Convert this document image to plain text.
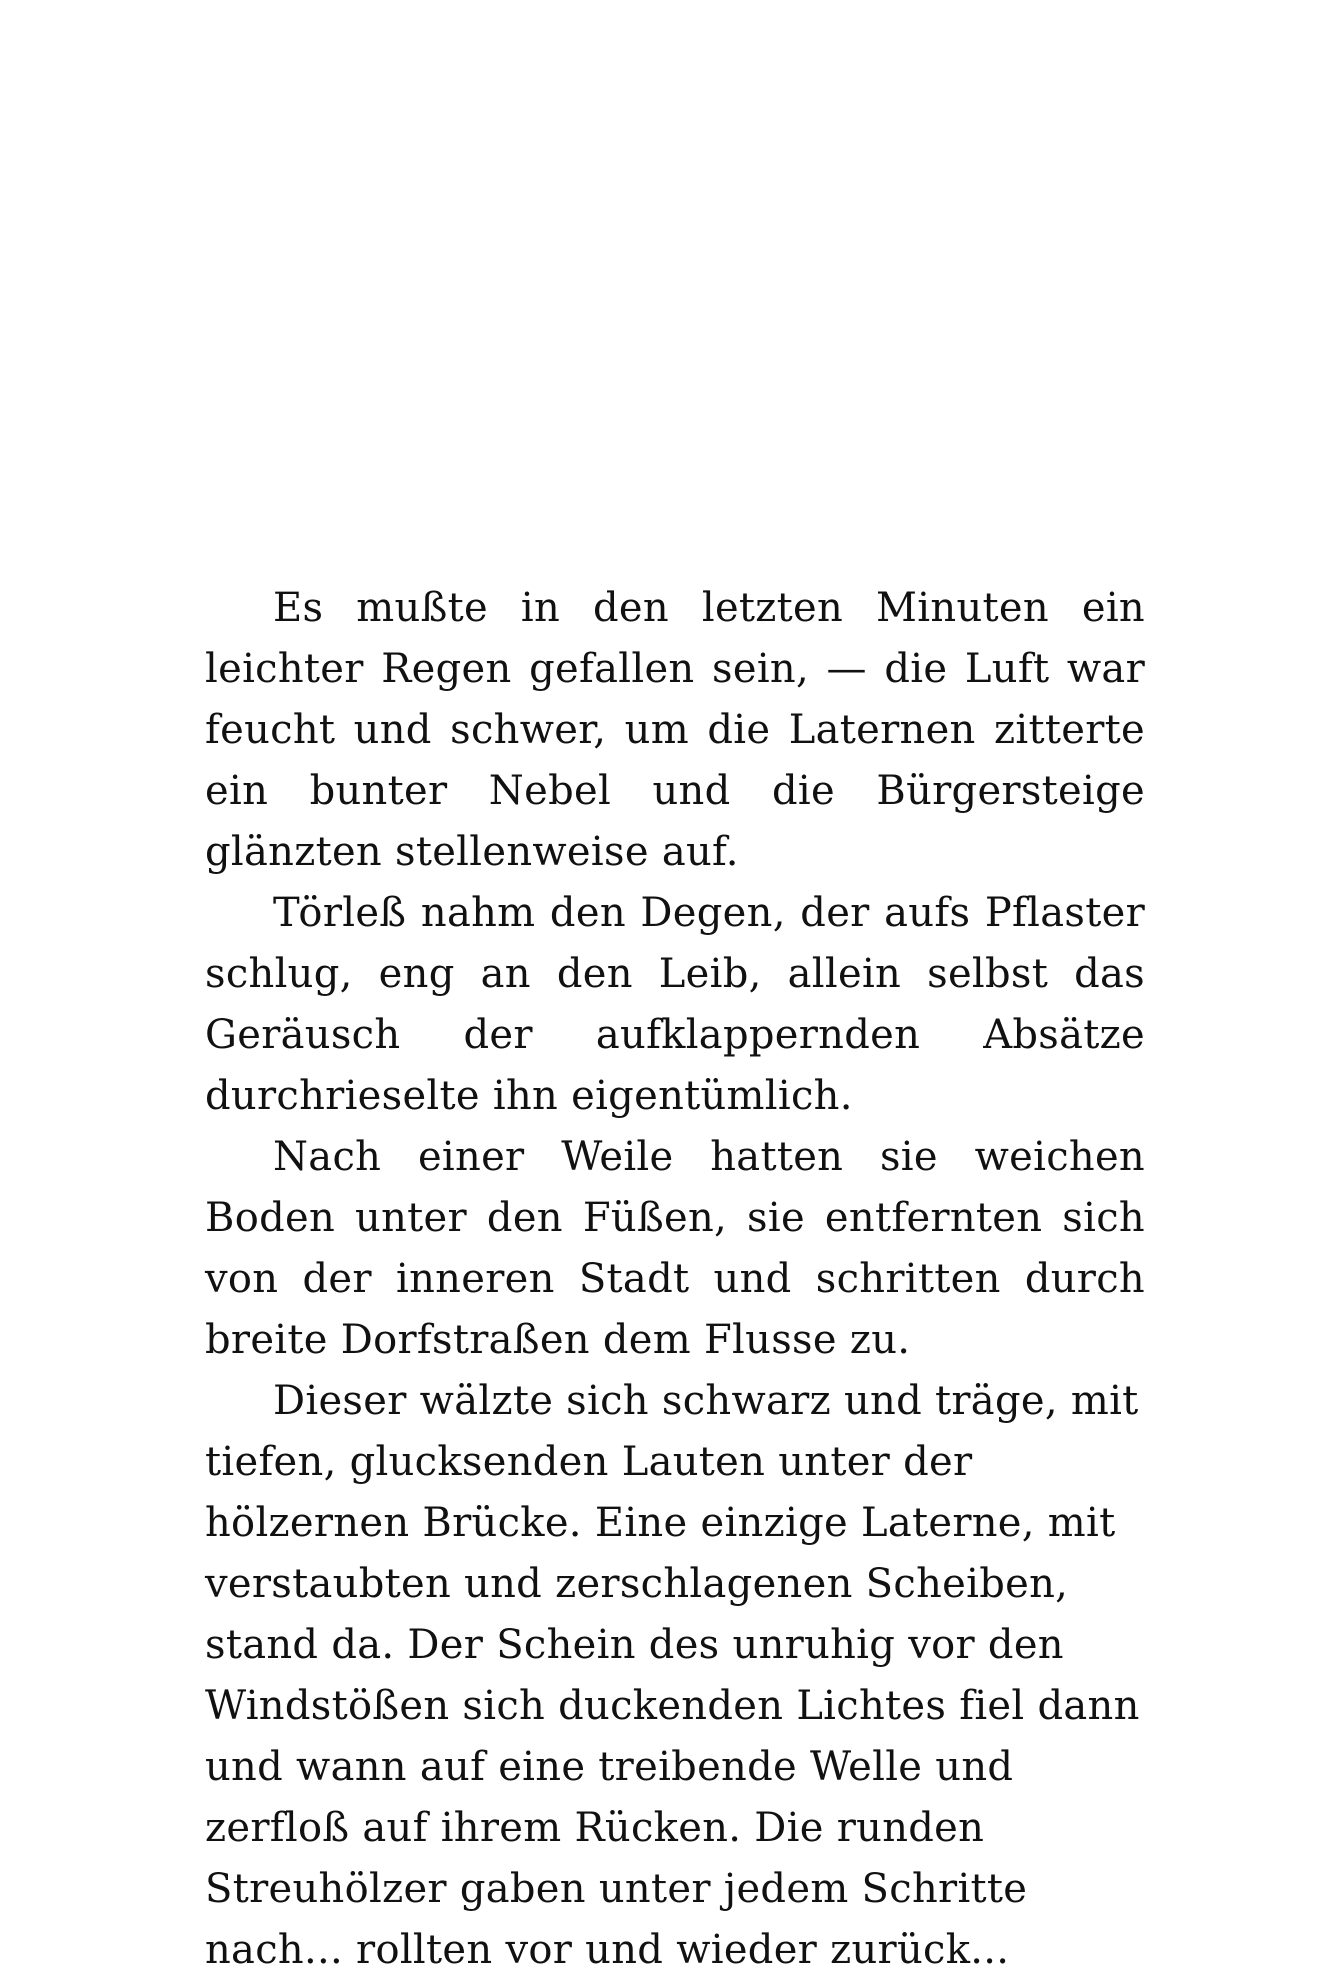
Es mußte in den letzten Minuten ein leichter Regen gefallen sein, — die Luft war feucht und schwer, um die Laternen zitterte ein bunter Nebel und die Bürgersteige glänzten stellenweise auf.

Törleß nahm den Degen, der aufs Pflaster schlug, eng an den Leib, allein selbst das Geräusch der aufklappernden Absätze durchrieselte ihn eigentümlich.

Nach einer Weile hatten sie weichen Boden unter den Füßen, sie entfernten sich von der inneren Stadt und schritten durch breite Dorfstraßen dem Flusse zu.

Dieser wälzte sich schwarz und träge, mit tiefen, glucksenden Lauten unter der hölzernen Brücke. Eine einzige Laterne, mit verstaubten und zerschlagenen Scheiben, stand da. Der Schein des unruhig vor den Windstößen sich duckenden Lichtes fiel dann und wann auf eine treibende Welle und zerfloß auf ihrem Rücken. Die runden Streuhölzer gaben unter jedem Schritte nach... rollten vor und wieder zurück...
